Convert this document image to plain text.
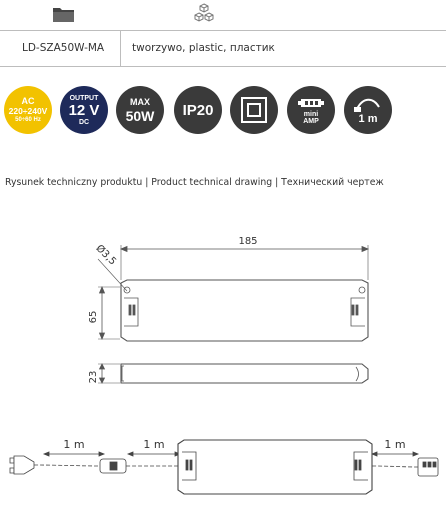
LD-SZA50W-MA	tworzywo, plastic, пластик
AC
220÷240V
50÷60 Hz
OUTPUT
12 V
DC
MAX
50W IP20	mini
AMP	1 m
Rysunek techniczny produktu | Product technical drawing | Технический чертеж
185
65
23
Ø3,5
1 m	1 m	1 m
